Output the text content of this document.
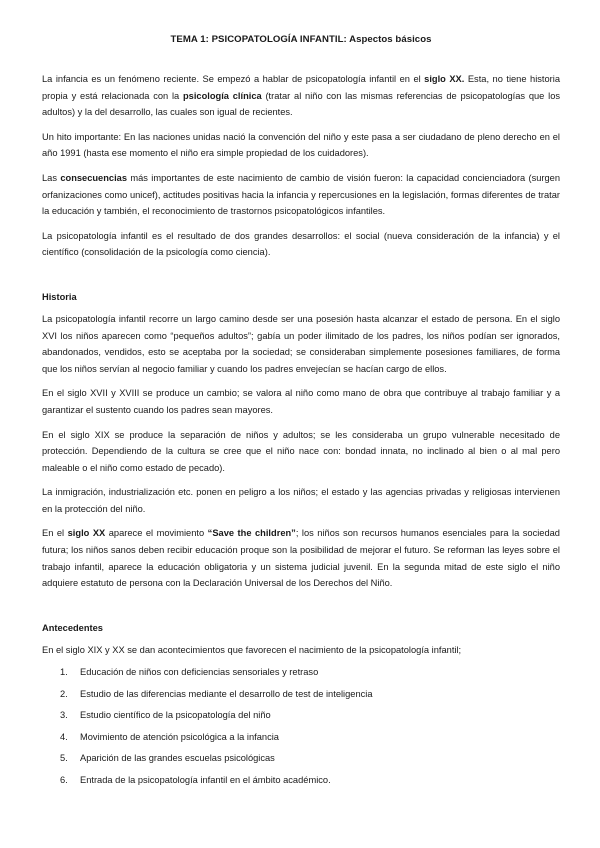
TEMA 1: PSICOPATOLOGÍA INFANTIL: Aspectos básicos

La infancia es un fenómeno reciente. Se empezó a hablar de psicopatología infantil en el siglo XX. Esta, no tiene historia propia y está relacionada con la psicología clínica (tratar al niño con las mismas referencias de psicopatologías que los adultos) y la del desarrollo, las cuales son igual de recientes.

Un hito importante: En las naciones unidas nació la convención del niño y este pasa a ser ciudadano de pleno derecho en el año 1991 (hasta ese momento el niño era simple propiedad de los cuidadores).

Las consecuencias más importantes de este nacimiento de cambio de visión fueron: la capacidad concienciadora (surgen orfanizaciones como unicef), actitudes positivas hacia la infancia y repercusiones en la legislación, formas diferentes de tratar la educación y también, el reconocimiento de trastornos psicopatológicos infantiles.

La psicopatología infantil es el resultado de dos grandes desarrollos: el social (nueva consideración de la infancia) y el científico (consolidación de la psicología como ciencia).

Historia

La psicopatología infantil recorre un largo camino desde ser una posesión hasta alcanzar el estado de persona. En el siglo XVI los niños aparecen como “pequeños adultos”; gabía un poder ilimitado de los padres, los niños podían ser ignorados, abandonados, vendidos, esto se aceptaba por la sociedad; se consideraban simplemente posesiones familiares, de forma que los niños servían al negocio familiar y cuando los padres envejecían se hacían cargo de ellos.

En el siglo XVII y XVIII se produce un cambio; se valora al niño como mano de obra que contribuye al trabajo familiar y a garantizar el sustento cuando los padres sean mayores.

En el siglo XIX se produce la separación de niños y adultos; se les consideraba un grupo vulnerable necesitado de protección. Dependiendo de la cultura se cree que el niño nace con: bondad innata, no inclinado al bien o al mal pero maleable o el niño como estado de pecado).

La inmigración, industrialización etc. ponen en peligro a los niños; el estado y las agencias privadas y religiosas intervienen en la protección del niño.

En el siglo XX aparece el movimiento “Save the children”; los niños son recursos humanos esenciales para la sociedad futura; los niños sanos deben recibir educación proque son la posibilidad de mejorar el futuro. Se reforman las leyes sobre el trabajo infantil, aparece la educación obligatoria y un sistema judicial juvenil. En la segunda mitad de este siglo el niño adquiere estatuto de persona con la Declaración Universal de los Derechos del Niño.

Antecedentes

En el siglo XIX y XX se dan acontecimientos que favorecen el nacimiento de la psicopatología infantil;

1.	Educación de niños con deficiencias sensoriales y retraso
2.	Estudio de las diferencias mediante el desarrollo de test de inteligencia
3.	Estudio científico de la psicopatología del niño
4.	Movimiento de atención psicológica a la infancia
5.	Aparición de las grandes escuelas psicológicas
6.	Entrada de la psicopatología infantil en el ámbito académico.
